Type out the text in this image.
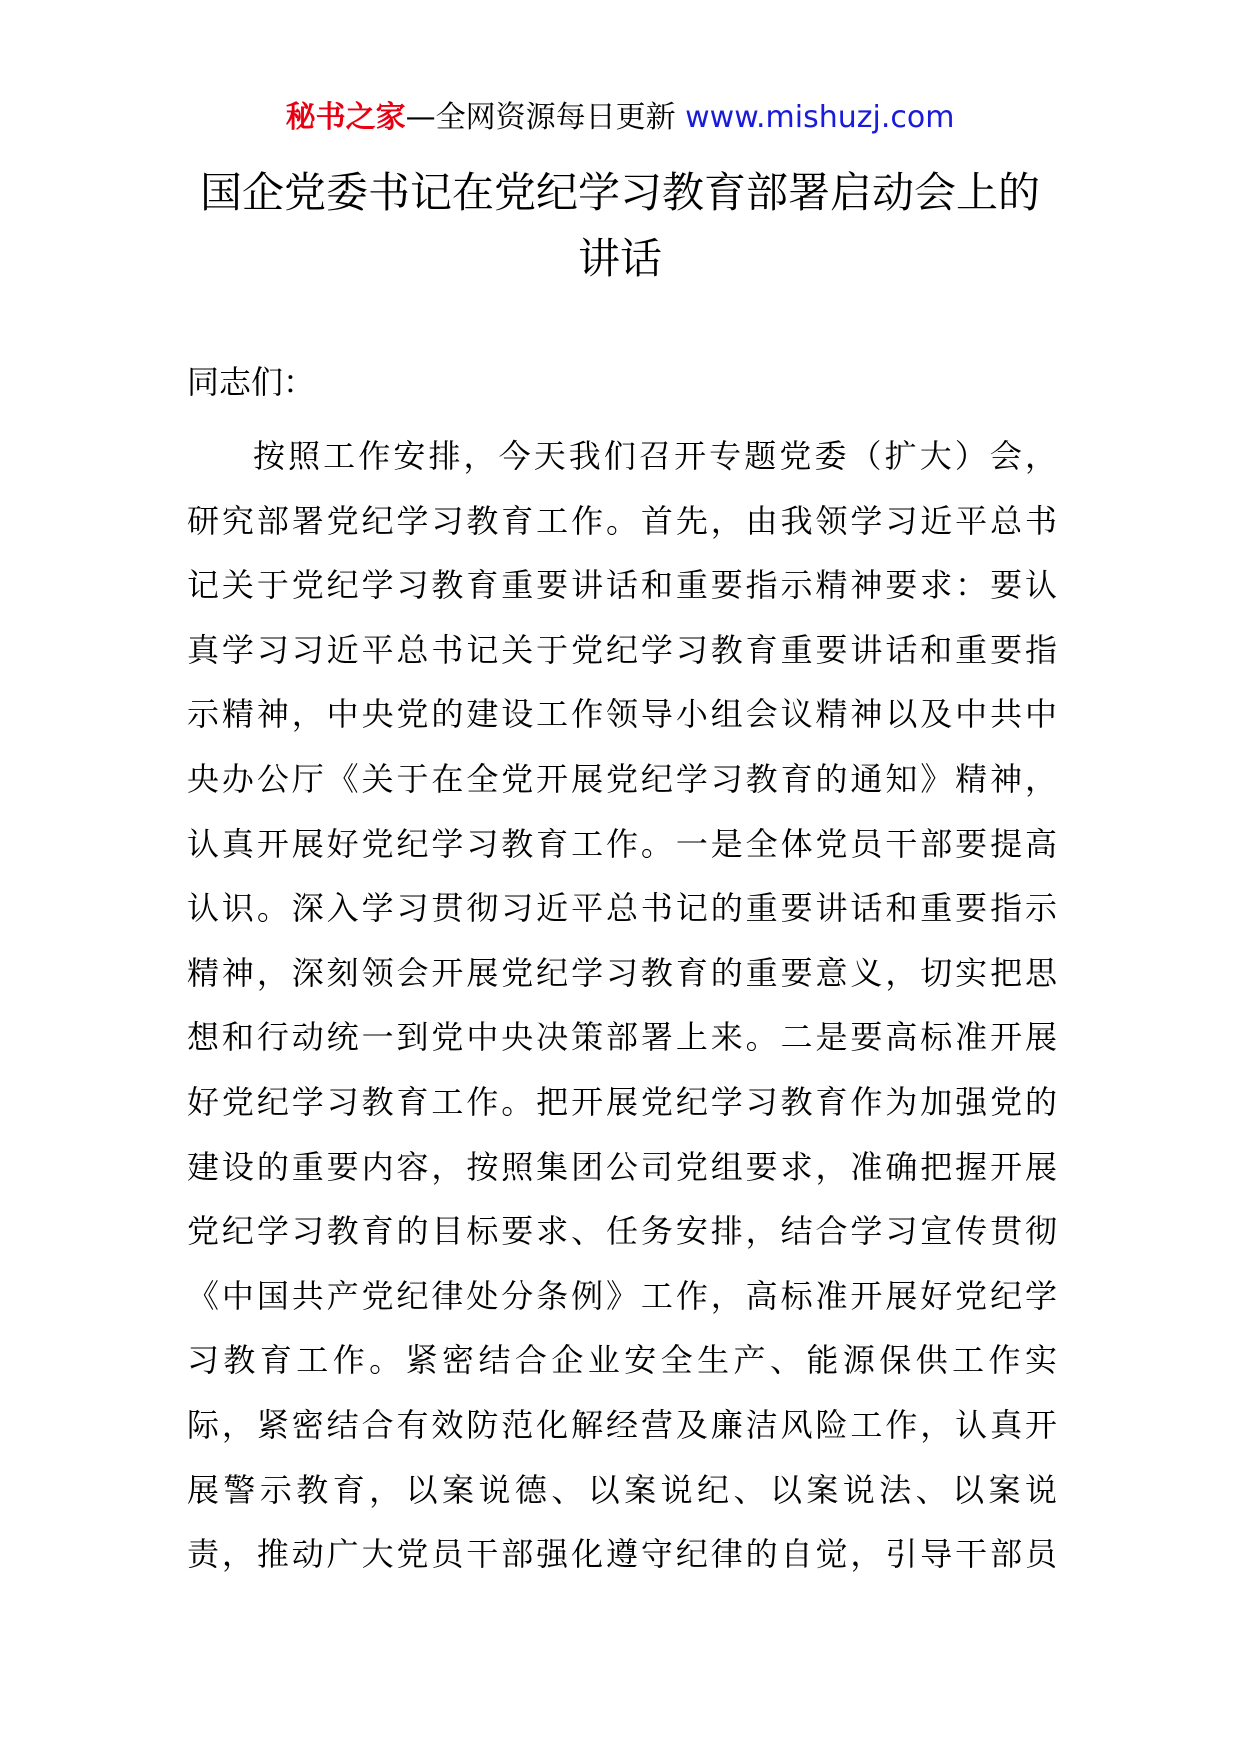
秘书之家—全网资源每日更新 www.mishuzj.com
国企党委书记在党纪学习教育部署启动会上的
讲话

同志们：

按照工作安排，今天我们召开专题党委（扩大）会，
研究部署党纪学习教育工作。首先，由我领学习近平总书
记关于党纪学习教育重要讲话和重要指示精神要求：要认
真学习习近平总书记关于党纪学习教育重要讲话和重要指
示精神，中央党的建设工作领导小组会议精神以及中共中
央办公厅《关于在全党开展党纪学习教育的通知》精神，
认真开展好党纪学习教育工作。一是全体党员干部要提高
认识。深入学习贯彻习近平总书记的重要讲话和重要指示
精神，深刻领会开展党纪学习教育的重要意义，切实把思
想和行动统一到党中央决策部署上来。二是要高标准开展
好党纪学习教育工作。把开展党纪学习教育作为加强党的
建设的重要内容，按照集团公司党组要求，准确把握开展
党纪学习教育的目标要求、任务安排，结合学习宣传贯彻
《中国共产党纪律处分条例》工作，高标准开展好党纪学
习教育工作。紧密结合企业安全生产、能源保供工作实
际，紧密结合有效防范化解经营及廉洁风险工作，认真开
展警示教育，以案说德、以案说纪、以案说法、以案说
责，推动广大党员干部强化遵守纪律的自觉，引导干部员
